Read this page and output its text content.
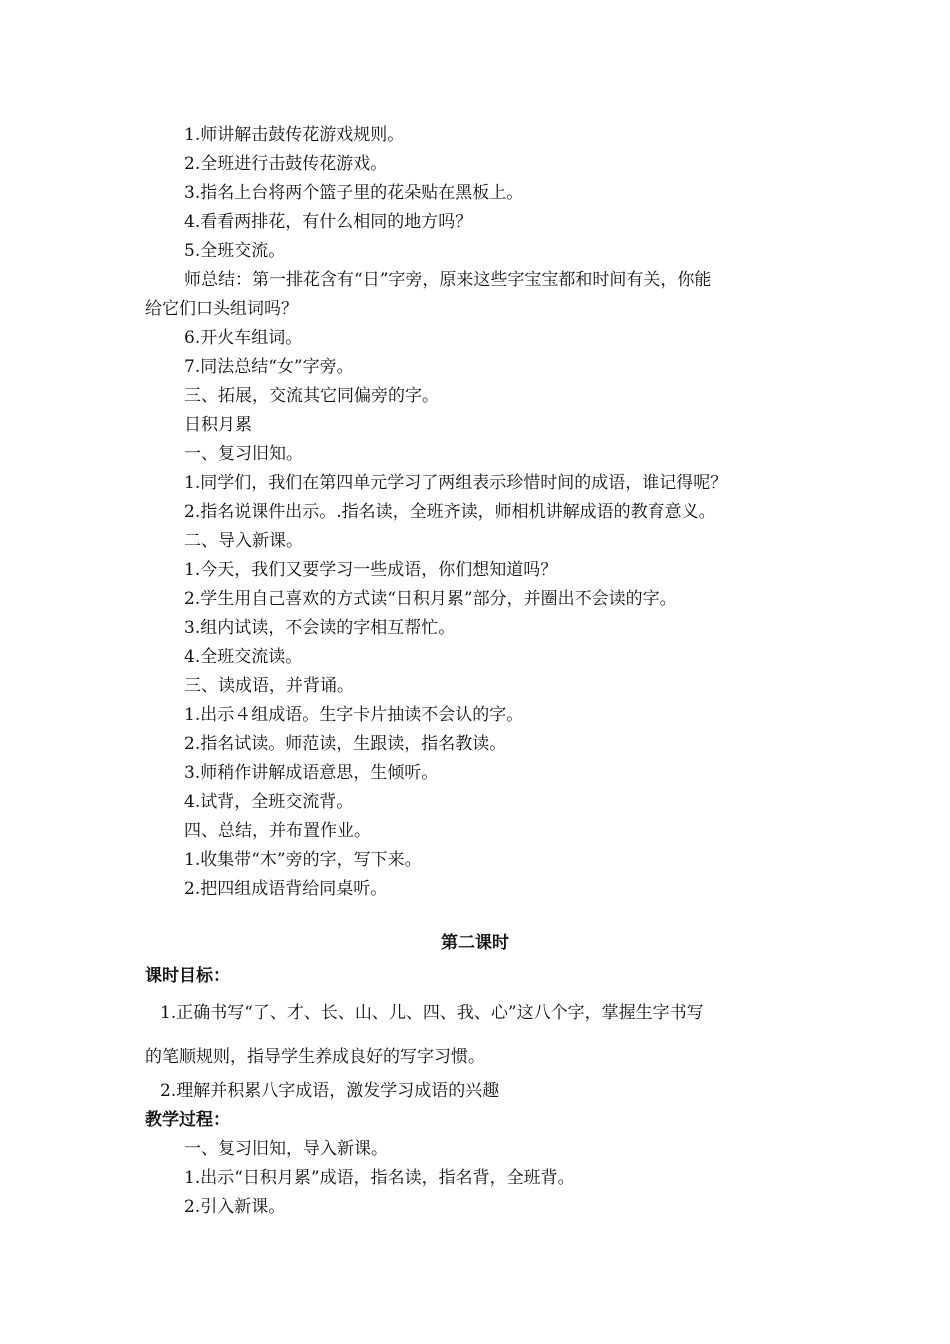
1.师讲解击鼓传花游戏规则。
2.全班进行击鼓传花游戏。
3.指名上台将两个篮子里的花朵贴在黑板上。
4.看看两排花，有什么相同的地方吗？
5.全班交流。
师总结：第一排花含有“日”字旁，原来这些字宝宝都和时间有关，你能
给它们口头组词吗？
6.开火车组词。
7.同法总结“女”字旁。
三、拓展，交流其它同偏旁的字。
日积月累
一、复习旧知。
1.同学们，我们在第四单元学习了两组表示珍惜时间的成语，谁记得呢？
2.指名说课件出示。.指名读，全班齐读，师相机讲解成语的教育意义。
二、导入新课。
1.今天，我们又要学习一些成语，你们想知道吗？
2.学生用自己喜欢的方式读“日积月累”部分，并圈出不会读的字。
3.组内试读，不会读的字相互帮忙。
4.全班交流读。
三、读成语，并背诵。
1.出示４组成语。生字卡片抽读不会认的字。
2.指名试读。师范读，生跟读，指名教读。
3.师稍作讲解成语意思，生倾听。
4.试背，全班交流背。
四、总结，并布置作业。
1.收集带“木”旁的字，写下来。
2.把四组成语背给同桌听。
第二课时
课时目标：
1.正确书写“了、才、长、山、儿、四、我、心”这八个字，掌握生字书写
的笔顺规则，指导学生养成良好的写字习惯。
2.理解并积累八字成语，激发学习成语的兴趣
教学过程：
一、复习旧知，导入新课。
1.出示“日积月累”成语，指名读，指名背，全班背。
2.引入新课。
